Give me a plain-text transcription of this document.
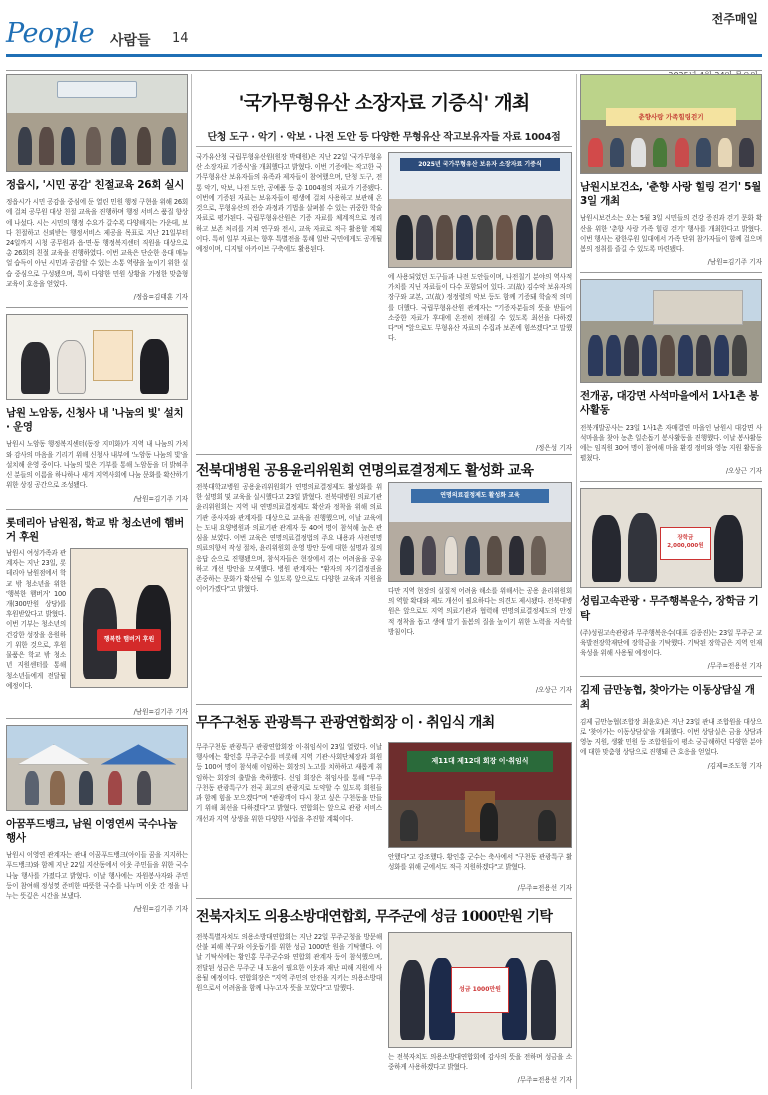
People 사람들 14
전주매일
정읍시, '시민 공감' 친절교육 26회 실시
정읍시가 시민 공감을 중심에 둔 열린 민원 행정 구현을 위해 26회에 걸쳐 공무원 대상 친절 교육을 진행하며 행정 서비스 품질 향상에 나섰다. 시는 시민의 행정 수요가 갈수록 다양해지는 가운데, 보다 친절하고 신뢰받는 행정서비스 제공을 목표로 지난 21일부터 24일까지 시청 공무원과 읍·면·동 행정복지센터 직원을 대상으로 총 26회의 친절 교육을 진행하였다. 이번 교육은 단순한 응대 매뉴얼 습득이 아닌 시민과 공감할 수 있는 소통 역량을 높이기 위한 실습 중심으로 구성됐으며, 특히 다양한 민원 상황을 가정한 맞춤형 교육이 호응을 얻었다.
/정읍=김태훈 기자
남원 노암동, 신청사 내 '나눔의 빛' 설치 · 운영
남원시 노암동 행정복지센터(동장 지미화)가 지역 내 나눔의 가치와 감사의 마음을 기리기 위해 신청사 내부에 '노암동 나눔의 빛'을 설치해 운영 중이다. 나눔의 빛은 기부를 통해 노암동을 더 밝혀주신 분들의 이름을 하나하나 새겨 지역사회에 나눔 문화를 확산하기 위한 상징 공간으로 조성됐다.
/남원=김기주 기자
롯데리아 남원점, 학교 밖 청소년에 햄버거 후원
남원시 여성가족과 관계자는 지난 23일, 롯데리아 남원점에서 학교 밖 청소년을 위한 '행복한 햄버거' 100개(300만원 상당)를 후원받았다고 밝혔다. 이번 기부는 청소년의 건강한 성장을 응원하기 위한 것으로, 후원 물품은 학교 밖 청소년 지원센터를 통해 청소년들에게 전달될 예정이다.
행복한 햄버거 후원
/남원=김기주 기자
아꿈푸드뱅크, 남원 이영연씨 국수나눔 행사
남원시 이영연 관계자는 관내 이꿈푸드뱅크(아이들 꿈을 지지하는 푸드뱅크)와 함께 지난 22일 지산동에서 이웃 주민들을 위한 국수 나눔 행사를 가졌다고 밝혔다. 이날 행사에는 자원봉사자와 주민 등이 참여해 정성껏 준비한 따뜻한 국수를 나누며 이웃 간 정을 나누는 뜻깊은 시간을 보냈다.
/남원=김기주 기자
'국가무형유산 소장자료 기증식' 개최
단청 도구 · 악기 · 악보 · 나전 도안 등 다양한 무형유산 작고보유자들 자료 1004점
국가유산청 국립무형유산원(원장 박태원)은 지난 22일 '국가무형유산 소장자료 기증식'을 개최했다고 밝혔다. 이번 기증에는 작고한 국가무형유산 보유자들의 유족과 제자들이 참여했으며, 단청 도구, 전통 악기, 악보, 나전 도안, 공예품 등 총 1004점의 자료가 기증됐다. 이번에 기증된 자료는 보유자들이 평생에 걸쳐 사용하고 보관해 온 것으로, 무형유산의 전승 과정과 기법을 살펴볼 수 있는 귀중한 학술 자료로 평가된다. 국립무형유산원은 기증 자료를 체계적으로 정리하고 보존 처리를 거쳐 연구와 전시, 교육 자료로 적극 활용할 계획이다. 특히 일부 자료는 향후 특별전을 통해 일반 국민에게도 공개될 예정이며, 디지털 아카이브 구축에도 활용된다.
2025년 국가무형유산 보유자 소장자료 기증식
에 사용되었던 도구들과 나전 도안들이며, 나전칠기 분야의 역사적 가치를 지닌 자료들이 다수 포함되어 있다. 고(故) 김수악 보유자의 장구와 교본, 고(故) 정정렬의 악보 등도 함께 기증돼 학술적 의미를 더했다. 국립무형유산원 관계자는 "기증자분들의 뜻을 받들어 소중한 자료가 후대에 온전히 전해질 수 있도록 최선을 다하겠다"며 "앞으로도 무형유산 자료의 수집과 보존에 힘쓰겠다"고 말했다.
/정은성 기자
전북대병원 공용윤리위원회 연명의료결정제도 활성화 교육
전북대학교병원 공용윤리위원회가 연명의료결정제도 활성화를 위한 설명회 및 교육을 실시했다고 23일 밝혔다. 전북대병원 의료기관윤리위원회는 지역 내 연명의료결정제도 확산과 정착을 위해 의료기관 종사자와 관계자를 대상으로 교육을 진행했으며, 이날 교육에는 도내 요양병원과 의료기관 관계자 등 40여 명이 참석해 높은 관심을 보였다. 이번 교육은 연명의료결정법의 주요 내용과 사전연명의료의향서 작성 절차, 윤리위원회 운영 방안 등에 대한 설명과 질의응답 순으로 진행됐으며, 참석자들은 현장에서 겪는 어려움을 공유하고 개선 방안을 모색했다. 병원 관계자는 "환자의 자기결정권을 존중하는 문화가 확산될 수 있도록 앞으로도 다양한 교육과 지원을 이어가겠다"고 밝혔다.
연명의료결정제도 활성화 교육
다만 지역 현장의 실질적 어려움 해소를 위해서는 공용 윤리위원회의 역할 확대와 제도 개선이 필요하다는 의견도 제시됐다. 전북대병원은 앞으로도 지역 의료기관과 협력해 연명의료결정제도의 안정적 정착을 돕고 생애 말기 돌봄의 질을 높이기 위한 노력을 지속할 방침이다.
/오상근 기자
무주구천동 관광특구 관광연합회장 이 · 취임식 개최
무주구천동 관광특구 관광연합회장 이·취임식이 23일 열렸다. 이날 행사에는 황인홍 무주군수를 비롯해 지역 기관·사회단체장과 회원 등 100여 명이 참석해 이임하는 회장의 노고를 치하하고 새롭게 취임하는 회장의 출발을 축하했다. 신임 회장은 취임사를 통해 "무주구천동 관광특구가 전국 최고의 관광지로 도약할 수 있도록 회원들과 함께 힘을 모으겠다"며 "관광객이 다시 찾고 싶은 구천동을 만들기 위해 최선을 다하겠다"고 밝혔다. 연합회는 앞으로 관광 서비스 개선과 지역 상생을 위한 다양한 사업을 추진할 계획이다.
제11대 제12대 회장 이·취임식
안했다"고 강조했다. 황인홍 군수는 축사에서 "구천동 관광특구 활성화를 위해 군에서도 적극 지원하겠다"고 밝혔다.
/무주=전용선 기자
전북자치도 의용소방대연합회, 무주군에 성금 1000만원 기탁
전북특별자치도 의용소방대연합회는 지난 22일 무주군청을 방문해 산불 피해 복구와 이웃돕기를 위한 성금 1000만 원을 기탁했다. 이날 기탁식에는 황인홍 무주군수와 연합회 관계자 등이 참석했으며, 전달된 성금은 무주군 내 도움이 필요한 이웃과 재난 피해 지원에 사용될 예정이다. 연합회장은 "지역 주민의 안전을 지키는 의용소방대원으로서 어려움을 함께 나누고자 뜻을 모았다"고 말했다.	성금 1000만원
는 전북자치도 의용소방대연합회에 감사의 뜻을 전하며 성금을 소중하게 사용하겠다고 밝혔다.
/무주=전용선 기자
춘향사랑 가족힐링걷기
남원시보건소, '춘향 사랑 힐링 걷기' 5월 3일 개최
남원시보건소는 오는 5월 3일 시민들의 건강 증진과 걷기 문화 확산을 위한 '춘향 사랑 가족 힐링 걷기' 행사를 개최한다고 밝혔다. 이번 행사는 광한루원 일대에서 가족 단위 참가자들이 함께 걸으며 봄의 정취를 즐길 수 있도록 마련됐다.
/남원=김기주 기자
전개공, 대강면 사석마을에서 1사1촌 봉사활동
전북개발공사는 23일 1사1촌 자매결연 마을인 남원시 대강면 사석마을을 찾아 농촌 일손돕기 봉사활동을 진행했다. 이날 봉사활동에는 임직원 30여 명이 참여해 마을 환경 정비와 영농 지원 활동을 펼쳤다.
/오상근 기자
장학금 2,000,000원
성림고속관광 · 무주행복운수, 장학금 기탁
(주)성림고속관광과 무주행복운수(대표 김종진)는 23일 무주군 교육발전장학재단에 장학금을 기탁했다. 기탁된 장학금은 지역 인재 육성을 위해 사용될 예정이다.
/무주=전용선 기자
김제 금만농협, 찾아가는 이동상담실 개최
김제 금만농협(조합장 최윤호)은 지난 23일 관내 조합원을 대상으로 '찾아가는 이동상담실'을 개최했다. 이번 상담실은 금융 상담과 영농 지원, 생활 민원 등 조합원들이 평소 궁금해하던 다양한 분야에 대한 맞춤형 상담으로 진행돼 큰 호응을 얻었다.
/김제=조도형 기자
